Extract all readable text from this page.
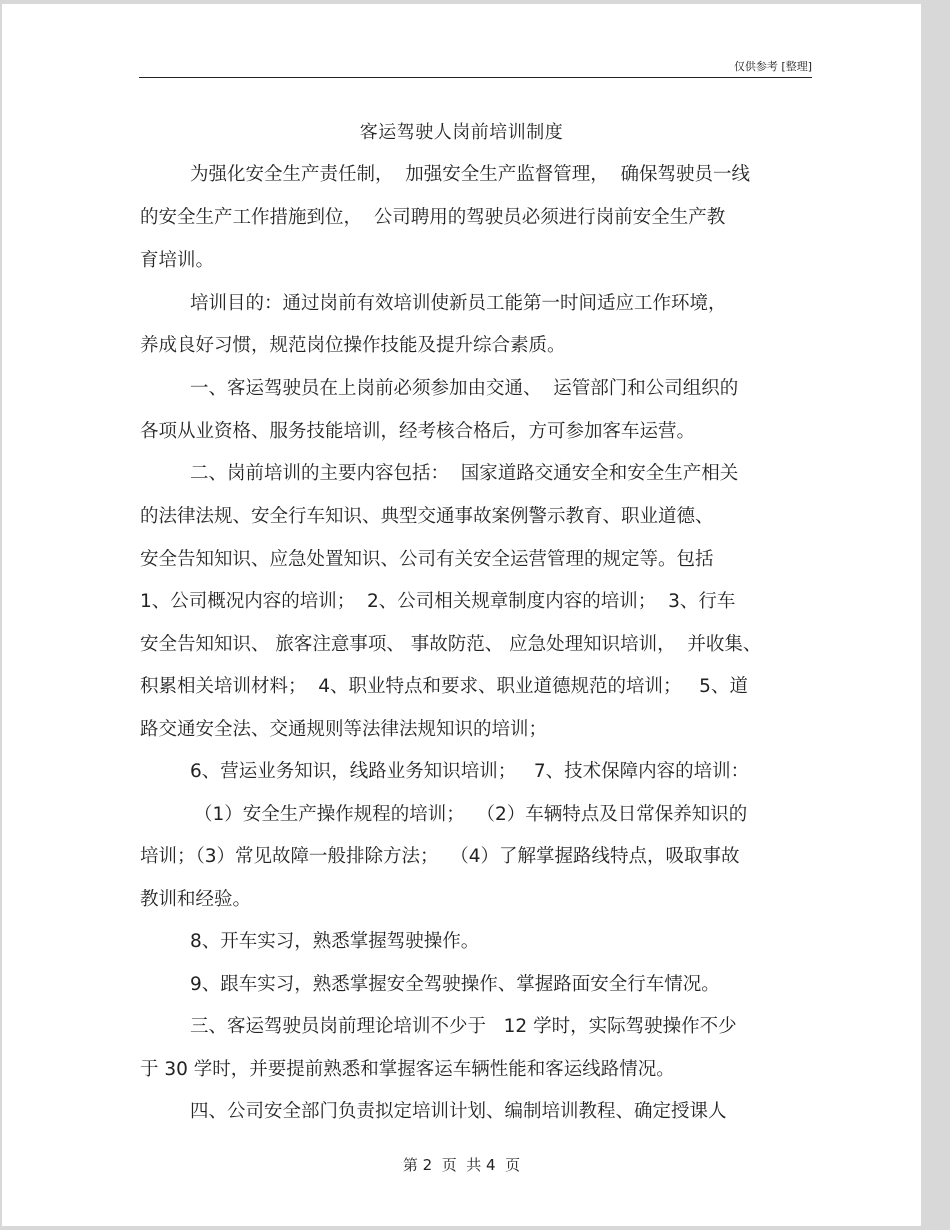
仅供参考 [整理]
客运驾驶人岗前培训制度
为强化安全生产责任制，  加强安全生产监督管理，  确保驾驶员一线
的安全生产工作措施到位，  公司聘用的驾驶员必须进行岗前安全生产教
育培训。
培训目的：通过岗前有效培训使新员工能第一时间适应工作环境，
养成良好习惯，规范岗位操作技能及提升综合素质。
一、客运驾驶员在上岗前必须参加由交通、  运管部门和公司组织的
各项从业资格、服务技能培训，经考核合格后，方可参加客车运营。
二、岗前培训的主要内容包括：  国家道路交通安全和安全生产相关
的法律法规、安全行车知识、典型交通事故案例警示教育、职业道德、
安全告知知识、应急处置知识、公司有关安全运营管理的规定等。包括
1、公司概况内容的培训；  2、公司相关规章制度内容的培训；  3、行车
安全告知知识、 旅客注意事项、 事故防范、 应急处理知识培训，  并收集、
积累相关培训材料；  4、职业特点和要求、职业道德规范的培训；   5、道
路交通安全法、交通规则等法律法规知识的培训；
6、营运业务知识，线路业务知识培训；   7、技术保障内容的培训：
（1）安全生产操作规程的培训；  （2）车辆特点及日常保养知识的
培训；（3）常见故障一般排除方法；  （4）了解掌握路线特点，吸取事故
教训和经验。
8、开车实习，熟悉掌握驾驶操作。
9、跟车实习，熟悉掌握安全驾驶操作、掌握路面安全行车情况。
三、客运驾驶员岗前理论培训不少于   12 学时，实际驾驶操作不少
于 30 学时，并要提前熟悉和掌握客运车辆性能和客运线路情况。
四、公司安全部门负责拟定培训计划、编制培训教程、确定授课人
第 2  页  共 4  页
